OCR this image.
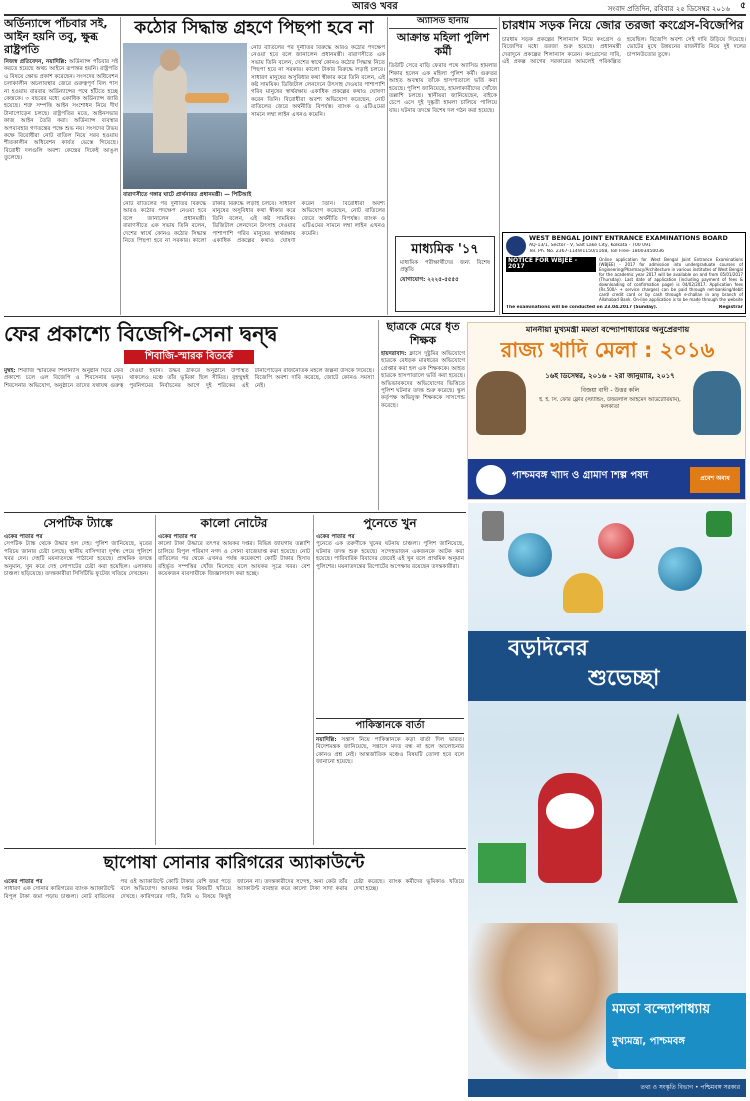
আরও খবর	সংবাদ প্রতিদিন, রবিবার ২৫ ডিসেম্বর ২০১৬	৫
অর্ডিন্যান্সে পাঁচবার সই, আইন হয়নি তবু, ক্ষুব্ধ রাষ্ট্রপতি
নিজস্ব প্রতিবেদন, নয়াদিল্লি: অর্ডিন্যান্স পাঁচবার সই করতে হয়েছে অথচ আইনে রূপান্তর হয়নি। রাষ্ট্রপতি এ বিষয়ে ক্ষোভ প্রকাশ করেছেন। সংসদের অধিবেশন চলাকালীন অচলাবস্থার জেরে গুরুত্বপূর্ণ বিল পাস না হওয়ায় বারবার অর্ডিন্যান্সের পথে হাঁটতে হচ্ছে কেন্দ্রকে। ৩ বছরের মধ্যে একাধিক অর্ডিন্যান্স জারি হয়েছে। শত্রু সম্পত্তি আইন সংশোধন নিয়ে দীর্ঘ টানাপোড়েন চলছে। রাষ্ট্রপতির মতে, আইনসভার কাজ আইন তৈরি করা। অর্ডিন্যান্স ব্যবস্থার অপব্যবহার গণতন্ত্রের পক্ষে শুভ নয়। সংসদের উভয় কক্ষে বিরোধীরা নোট বাতিল নিয়ে সরব হওয়ায় শীতকালীন অধিবেশন কার্যত ভেস্তে গিয়েছে। বিরোধী দলগুলি অবশ্য কেন্দ্রের দিকেই আঙুল তুলেছে।
কঠোর সিদ্ধান্ত গ্রহণে পিছপা হবে না
নোট বাতিলের পর দুর্নীতির বিরুদ্ধে আরও কঠোর পদক্ষেপ নেওয়া হবে বলে জানালেন প্রধানমন্ত্রী। বারাণসীতে এক সভায় তিনি বলেন, দেশের স্বার্থে কোনও কঠোর সিদ্ধান্ত নিতে পিছপা হবে না সরকার। কালো টাকার বিরুদ্ধে লড়াই চলবে। সাধারণ মানুষের অসুবিধার কথা স্বীকার করে তিনি বলেন, এই কষ্ট সাময়িক। ডিজিটাল লেনদেনে উৎসাহ দেওয়ার পাশাপাশি গরিব মানুষের স্বার্থরক্ষায় একাধিক প্রকল্পের কথাও ঘোষণা করেন তিনি। বিরোধীরা অবশ্য অভিযোগ করেছেন, নোট বাতিলের জেরে অর্থনীতি বিপর্যস্ত। ব্যাংক ও এটিএমের সামনে লম্বা লাইন এখনও কমেনি।
বারাণসীতে গঙ্গার ঘাটে প্রার্থনারত প্রধানমন্ত্রী। — পিটিআই
নোট বাতিলের পর দুর্নীতির বিরুদ্ধে আরও কঠোর পদক্ষেপ নেওয়া হবে বলে জানালেন প্রধানমন্ত্রী। বারাণসীতে এক সভায় তিনি বলেন, দেশের স্বার্থে কোনও কঠোর সিদ্ধান্ত নিতে পিছপা হবে না সরকার। কালো টাকার বিরুদ্ধে লড়াই চলবে। সাধারণ মানুষের অসুবিধার কথা স্বীকার করে তিনি বলেন, এই কষ্ট সাময়িক। ডিজিটাল লেনদেনে উৎসাহ দেওয়ার পাশাপাশি গরিব মানুষের স্বার্থরক্ষায় একাধিক প্রকল্পের কথাও ঘোষণা করেন তিনি। বিরোধীরা অবশ্য অভিযোগ করেছেন, নোট বাতিলের জেরে অর্থনীতি বিপর্যস্ত। ব্যাংক ও এটিএমের সামনে লম্বা লাইন এখনও কমেনি।
অ্যাসিড হানায়
আক্রান্ত মহিলা পুলিশ কর্মী
ডিউটি সেরে বাড়ি ফেরার পথে অ্যাসিড হামলার শিকার হলেন এক মহিলা পুলিশ কর্মী। গুরুতর আহত অবস্থায় তাঁকে হাসপাতালে ভর্তি করা হয়েছে। পুলিশ জানিয়েছে, হামলাকারীদের খোঁজে তল্লাশি চলছে। স্থানীয়রা জানিয়েছেন, বাইকে চেপে এসে দুই দুষ্কৃতী হামলা চালিয়ে পালিয়ে যায়। ঘটনার তদন্তে বিশেষ দল গঠন করা হয়েছে।
মাধ্যমিক '১৭
মাধ্যমিক পরীক্ষার্থীদের জন্য বিশেষ প্রস্তুতি
যোগাযোগ: ২২২৫-৫৫৫৫
চারধাম সড়ক নিয়ে জোর তরজা কংগ্রেস-বিজেপির
চারধাম সড়ক প্রকল্পের শিলান্যাস নিয়ে কংগ্রেস ও বিজেপির মধ্যে তরজা শুরু হয়েছে। প্রধানমন্ত্রী দেরাদুনে প্রকল্পের শিলান্যাস করেন। কংগ্রেসের দাবি, এই প্রকল্প আগের সরকারের আমলেই পরিকল্পিত হয়েছিল। বিজেপি অবশ্য সেই দাবি উড়িয়ে দিয়েছে। ভোটের মুখে উন্নয়নের রাজনীতি নিয়ে দুই দলের চাপানউতোর তুঙ্গে।
WEST BENGAL JOINT ENTRANCE EXAMINATIONS BOARD
AQ-13/1, Sector - V, Salt Lake City, Kolkata - 700 091
Tel. Ph. No. 2367-1149/1150/1168, Toll Free- 18003450036
NOTICE FOR WBJEE - 2017
Online application for West Bengal Joint Entrance Examinations (WBJEE) - 2017 for admission into undergraduate courses of Engineering/Pharmacy/Architecture in various institutes of West Bengal for the academic year 2017 will be available on and from 05/01/2017 (Thursday). Last date of application (including payment of fees & downloading of confirmation page) is 04/02/2017. Application fees (Rs.500/- + service charges) can be paid through net-banking/debit card/ credit card or by cash through e-challan in any branch of Allahabad Bank. On-line application is to be made through the website
The examinations will be conducted on 23.04.2017 (Sunday).	Registrar
ফের প্রকাশ্যে বিজেপি-সেনা দ্বন্দ্ব
শিবাজি-স্মারক বিতর্কে
মুম্বই: শিবাজি স্মারকের শিলান্যাস অনুষ্ঠান ঘিরে ফের প্রকাশ্যে চলে এল বিজেপি ও শিবসেনার দ্বন্দ্ব। শিবসেনার অভিযোগ, অনুষ্ঠানে তাদের যথাযথ গুরুত্ব দেওয়া হয়নি। উদ্ধব ঠাকরে অনুষ্ঠানে উপস্থিত থাকলেও মঞ্চে তাঁর ভূমিকা ছিল সীমিত। বৃহন্মুম্বই পুরনিগমের নির্বাচনের আগে দুই শরিকের এই টানাপোড়েন রাজনৈতিক মহলে জল্পনা উসকে দিয়েছে। বিজেপি অবশ্য দাবি করেছে, জোটে কোনও সমস্যা নেই।
ছাত্রকে মেরে ধৃত শিক্ষক
হায়দরাবাদ: ক্লাসে দুষ্টুমির অভিযোগে ছাত্রকে বেধড়ক মারধরের অভিযোগে গ্রেপ্তার করা হল এক শিক্ষককে। আহত ছাত্রকে হাসপাতালে ভর্তি করা হয়েছে। অভিভাবকদের অভিযোগের ভিত্তিতে পুলিশ ঘটনার তদন্ত শুরু করেছে। স্কুল কর্তৃপক্ষ অভিযুক্ত শিক্ষককে সাসপেন্ড করেছে।
মাননীয়া মুখ্যমন্ত্রী মমতা বন্দ্যোপাধ্যায়ের অনুপ্রেরণায়
রাজ্য খাদি মেলা : ২০১৬
১৬ই ডিসেম্বর, ২০১৬ - ২রা জানুয়ারি, ২০১৭
বিজয়া বাদী - উত্তর কলি
ই. ই. সি. ফোর ফ্লোর (স্ট্যান্ডিং, উত্তরলাল আহমেদ অডিটোরিয়াম), কলকাতা
পশ্চিমবঙ্গ খাদি ও গ্রামীণ শিল্প পর্ষদ	প্রবেশ অবাধ
সেপটিক ট্যাঙ্কে
একের পাতার পর
সেপটিক ট্যাঙ্ক থেকে উদ্ধার হল দেহ। পুলিশ জানিয়েছে, মৃতের পরিচয় জানার চেষ্টা চলছে। স্থানীয় বাসিন্দারা দুর্গন্ধ পেয়ে পুলিশে খবর দেন। দেহটি ময়নাতদন্তে পাঠানো হয়েছে। প্রাথমিক তদন্তে অনুমান, খুন করে দেহ লোপাটের চেষ্টা করা হয়েছিল। এলাকায় চাঞ্চল্য ছড়িয়েছে। তদন্তকারীরা সিসিটিভি ফুটেজ খতিয়ে দেখছেন।
কালো নোটের
একের পাতার পর
কালো টাকা উদ্ধারে তৎপর আয়কর দপ্তর। বিভিন্ন জায়গায় তল্লাশি চালিয়ে বিপুল পরিমাণ নগদ ও সোনা বাজেয়াপ্ত করা হয়েছে। নোট বাতিলের পর থেকে এখনও পর্যন্ত কয়েকশো কোটি টাকার হিসাব বহির্ভূত সম্পত্তির খোঁজ মিলেছে বলে আয়কর সূত্রে খবর। বেশ কয়েকজন ব্যবসায়ীকে জিজ্ঞাসাবাদ করা হচ্ছে।
পুনেতে খুন
একের পাতার পর
পুনেতে এক তরুণীকে খুনের ঘটনায় চাঞ্চল্য। পুলিশ জানিয়েছে, ঘটনার তদন্ত শুরু হয়েছে। সন্দেহভাজন একজনকে আটক করা হয়েছে। পারিবারিক বিবাদের জেরেই এই খুন বলে প্রাথমিক অনুমান পুলিশের। ময়নাতদন্তের রিপোর্টের অপেক্ষায় রয়েছেন তদন্তকারীরা।
পাকিস্তানকে বার্তা
নয়াদিল্লি: সন্ত্রাস নিয়ে পাকিস্তানকে কড়া বার্তা দিল ভারত। বিদেশমন্ত্রক জানিয়েছে, সন্ত্রাসে মদত বন্ধ না হলে আলোচনার কোনও প্রশ্ন নেই। আন্তর্জাতিক মঞ্চেও বিষয়টি তোলা হবে বলে জানানো হয়েছে।
ছাপোষা সোনার কারিগরের অ্যাকাউন্টে
একের পাতার পর
সাধারণ এক সোনার কারিগরের ব্যাংক অ্যাকাউন্টে বিপুল টাকা জমা পড়ায় চাঞ্চল্য। নোট বাতিলের পর ওই অ্যাকাউন্টে কোটি টাকার বেশি জমা পড়ে বলে অভিযোগ। আয়কর দপ্তর বিষয়টি খতিয়ে দেখছে। কারিগরের দাবি, তিনি এ বিষয়ে কিছুই জানেন না। তদন্তকারীদের সন্দেহ, অন্য কেউ তাঁর অ্যাকাউন্ট ব্যবহার করে কালো টাকা সাদা করার চেষ্টা করেছে। ব্যাংক কর্মীদের ভূমিকাও খতিয়ে দেখা হচ্ছে।
বড়দিনের
শুভেচ্ছা
মমতা বন্দ্যোপাধ্যায়
মুখ্যমন্ত্রী, পশ্চিমবঙ্গ
তথ্য ও সংস্কৃতি বিভাগ • পশ্চিমবঙ্গ সরকার
